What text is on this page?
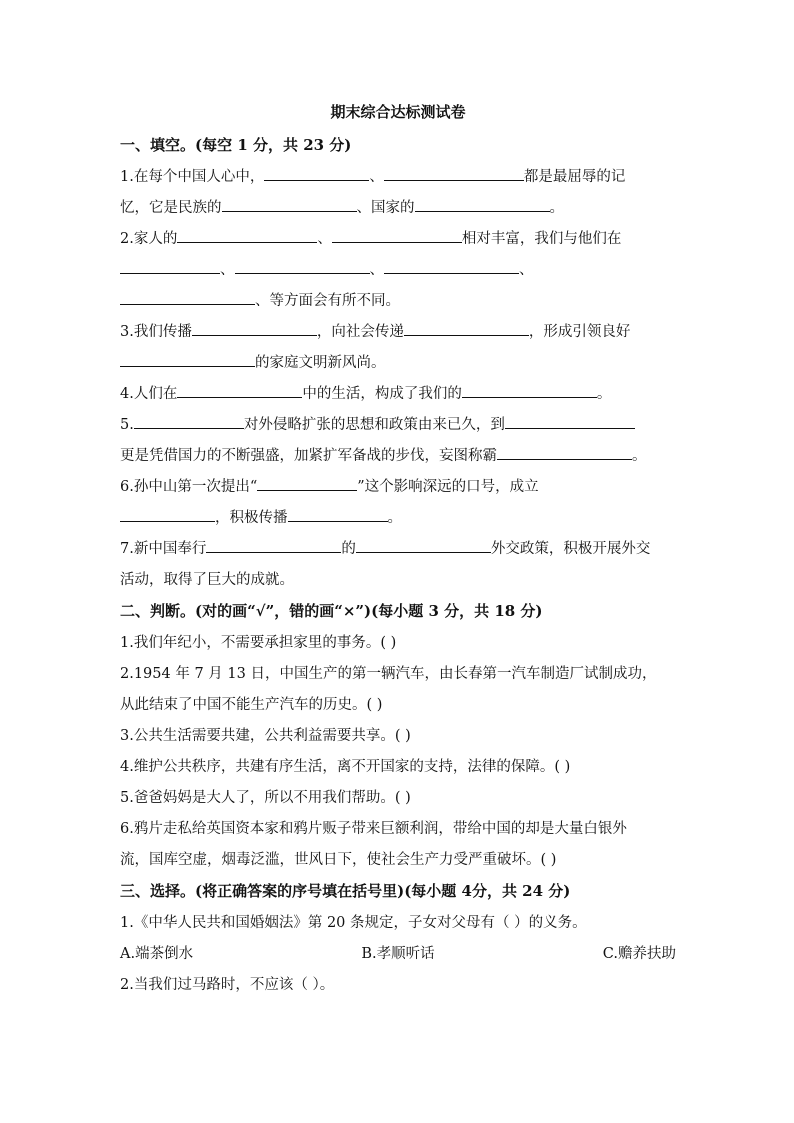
期末综合达标测试卷
一、填空。(每空 1 分，共 23 分)
1.在每个中国人心中，	、	都是最屈辱的记
忆，它是民族的	、国家的	。
2.家人的	、	相对丰富，我们与他们在
、	、	、
、等方面会有所不同。
3.我们传播	，向社会传递	，形成引领良好
的家庭文明新风尚。
4.人们在	中的生活，构成了我们的	。
5.	对外侵略扩张的思想和政策由来已久，到
更是凭借国力的不断强盛，加紧扩军备战的步伐，妄图称霸	。
6.孙中山第一次提出“	”这个影响深远的口号，成立
，积极传播	。
7.新中国奉行	的	外交政策，积极开展外交
活动，取得了巨大的成就。
二、判断。(对的画“√”，错的画“×”)(每小题 3 分，共 18 分)
1.我们年纪小，不需要承担家里的事务。( )
2.1954 年 7 月 13 日，中国生产的第一辆汽车，由长春第一汽车制造厂试制成功，
从此结束了中国不能生产汽车的历史。( )
3.公共生活需要共建，公共利益需要共享。( )
4.维护公共秩序，共建有序生活，离不开国家的支持，法律的保障。( )
5.爸爸妈妈是大人了，所以不用我们帮助。( )
6.鸦片走私给英国资本家和鸦片贩子带来巨额利润，带给中国的却是大量白银外
流，国库空虚，烟毒泛滥，世风日下，使社会生产力受严重破坏。( )
三、选择。(将正确答案的序号填在括号里)(每小题 4分，共 24 分)
1.《中华人民共和国婚姻法》第 20 条规定，子女对父母有（ ）的义务。
A.端茶倒水	B.孝顺听话	C.赡养扶助
2.当我们过马路时，不应该（ ）。
